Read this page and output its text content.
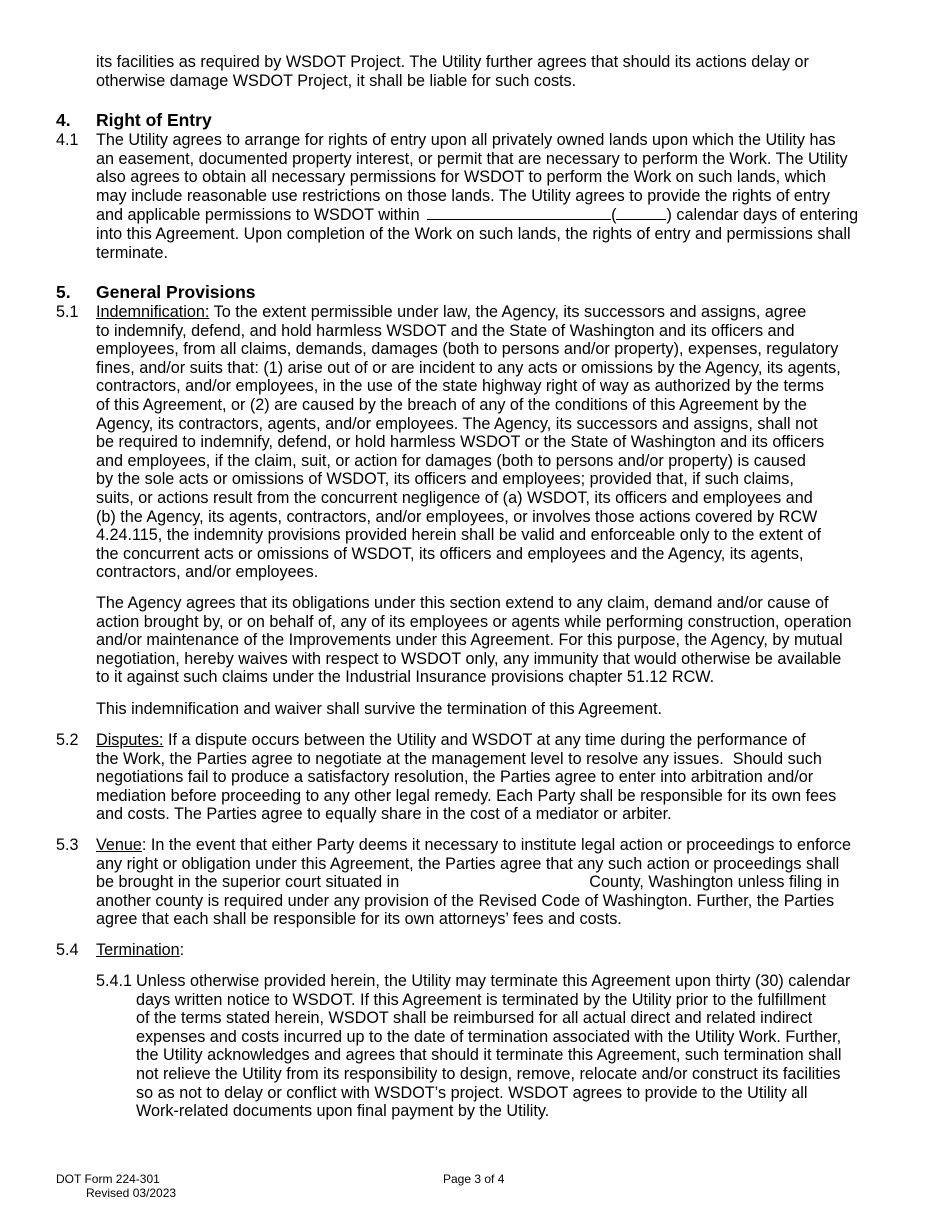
its facilities as required by WSDOT Project. The Utility further agrees that should its actions delay or
otherwise damage WSDOT Project, it shall be liable for such costs.
4. Right of Entry
4.1 The Utility agrees to arrange for rights of entry upon all privately owned lands upon which the Utility has
an easement, documented property interest, or permit that are necessary to perform the Work. The Utility
also agrees to obtain all necessary permissions for WSDOT to perform the Work on such lands, which
may include reasonable use restrictions on those lands. The Utility agrees to provide the rights of entry
and applicable permissions to WSDOT within	(	) calendar days of entering
into this Agreement. Upon completion of the Work on such lands, the rights of entry and permissions shall
terminate.
5. General Provisions
5.1 Indemnification: To the extent permissible under law, the Agency, its successors and assigns, agree
to indemnify, defend, and hold harmless WSDOT and the State of Washington and its officers and
employees, from all claims, demands, damages (both to persons and/or property), expenses, regulatory
fines, and/or suits that: (1) arise out of or are incident to any acts or omissions by the Agency, its agents,
contractors, and/or employees, in the use of the state highway right of way as authorized by the terms
of this Agreement, or (2) are caused by the breach of any of the conditions of this Agreement by the
Agency, its contractors, agents, and/or employees. The Agency, its successors and assigns, shall not
be required to indemnify, defend, or hold harmless WSDOT or the State of Washington and its officers
and employees, if the claim, suit, or action for damages (both to persons and/or property) is caused
by the sole acts or omissions of WSDOT, its officers and employees; provided that, if such claims,
suits, or actions result from the concurrent negligence of (a) WSDOT, its officers and employees and
(b) the Agency, its agents, contractors, and/or employees, or involves those actions covered by RCW
4.24.115, the indemnity provisions provided herein shall be valid and enforceable only to the extent of
the concurrent acts or omissions of WSDOT, its officers and employees and the Agency, its agents,
contractors, and/or employees.
The Agency agrees that its obligations under this section extend to any claim, demand and/or cause of
action brought by, or on behalf of, any of its employees or agents while performing construction, operation
and/or maintenance of the Improvements under this Agreement. For this purpose, the Agency, by mutual
negotiation, hereby waives with respect to WSDOT only, any immunity that would otherwise be available
to it against such claims under the Industrial Insurance provisions chapter 51.12 RCW.
This indemnification and waiver shall survive the termination of this Agreement.
5.2 Disputes: If a dispute occurs between the Utility and WSDOT at any time during the performance of
the Work, the Parties agree to negotiate at the management level to resolve any issues.  Should such
negotiations fail to produce a satisfactory resolution, the Parties agree to enter into arbitration and/or
mediation before proceeding to any other legal remedy. Each Party shall be responsible for its own fees
and costs. The Parties agree to equally share in the cost of a mediator or arbiter.
5.3 Venue: In the event that either Party deems it necessary to institute legal action or proceedings to enforce
any right or obligation under this Agreement, the Parties agree that any such action or proceedings shall
be brought in the superior court situated in	County, Washington unless filing in
another county is required under any provision of the Revised Code of Washington. Further, the Parties
agree that each shall be responsible for its own attorneys’ fees and costs.
5.4 Termination:
5.4.1 Unless otherwise provided herein, the Utility may terminate this Agreement upon thirty (30) calendar
days written notice to WSDOT. If this Agreement is terminated by the Utility prior to the fulfillment
of the terms stated herein, WSDOT shall be reimbursed for all actual direct and related indirect
expenses and costs incurred up to the date of termination associated with the Utility Work. Further,
the Utility acknowledges and agrees that should it terminate this Agreement, such termination shall
not relieve the Utility from its responsibility to design, remove, relocate and/or construct its facilities
so as not to delay or conflict with WSDOT’s project. WSDOT agrees to provide to the Utility all
Work-related documents upon final payment by the Utility.
DOT Form 224-301
Revised 03/2023
Page 3 of 4
